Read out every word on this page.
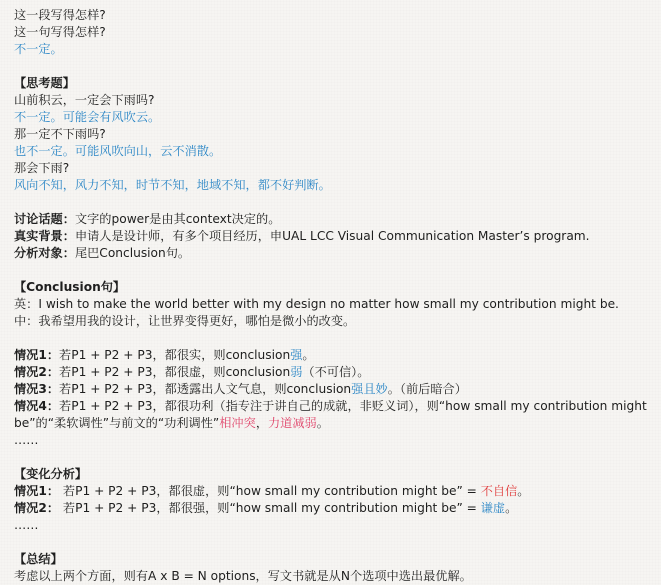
这一段写得怎样?
这一句写得怎样?
不一定。
【思考题】
山前积云，一定会下雨吗?
不一定。可能会有风吹云。
那一定不下雨吗?
也不一定。可能风吹向山，云不消散。
那会下雨?
风向不知，风力不知，时节不知，地域不知，都不好判断。
讨论话题：文字的power是由其context决定的。
真实背景：申请人是设计师，有多个项目经历，申UAL LCC Visual Communication Master’s program.
分析对象：尾巴Conclusion句。
【Conclusion句】
英：I wish to make the world better with my design no matter how small my contribution might be.
中：我希望用我的设计，让世界变得更好，哪怕是微小的改变。
情况1：若P1 + P2 + P3，都很实，则conclusion强。
情况2：若P1 + P2 + P3，都很虚，则conclusion弱（不可信）。
情况3：若P1 + P2 + P3，都透露出人文气息，则conclusion强且妙。（前后暗合）
情况4：若P1 + P2 + P3，都很功利（指专注于讲自己的成就，非贬义词），则“how small my contribution might be”的“柔软调性”与前文的“功利调性”相冲突，力道减弱。
……
【变化分析】
情况1： 若P1 + P2 + P3，都很虚，则“how small my contribution might be” = 不自信。
情况2： 若P1 + P2 + P3，都很强，则“how small my contribution might be” = 谦虚。
……
【总结】
考虑以上两个方面，则有A x B = N options，写文书就是从N个选项中选出最优解。
